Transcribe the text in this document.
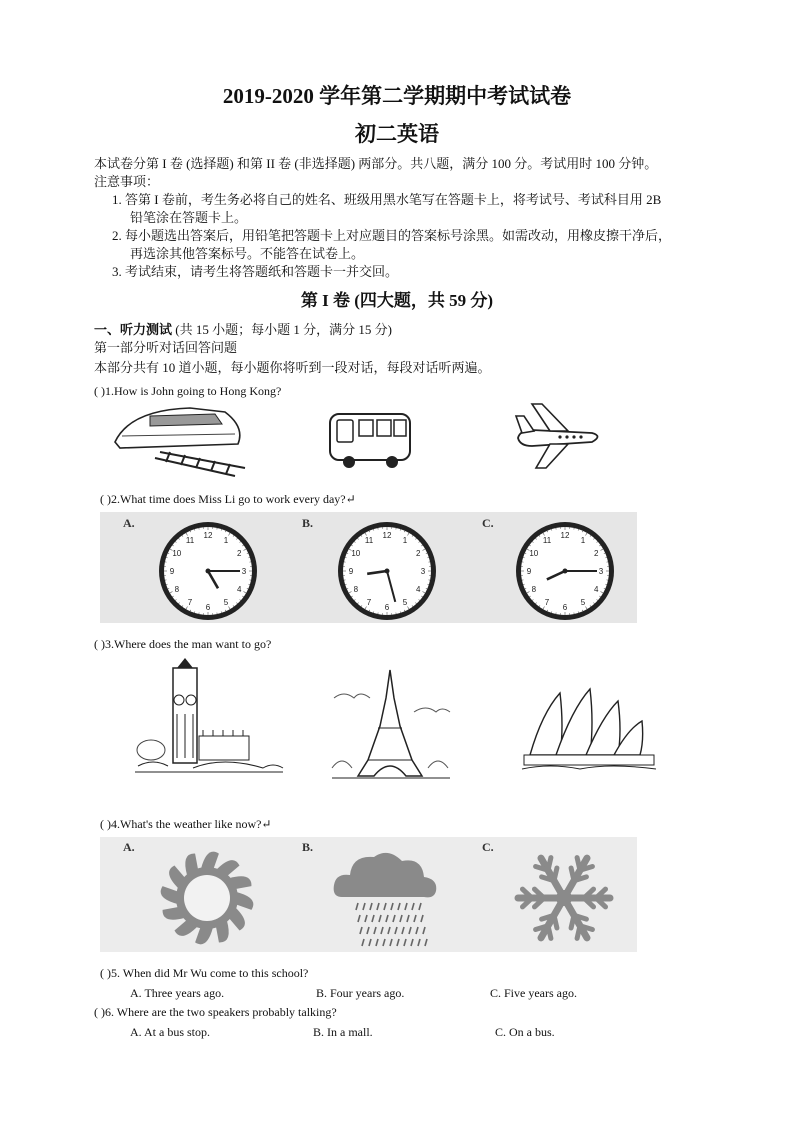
2019-2020 学年第二学期期中考试试卷
初二英语
本试卷分第 I 卷 (选择题) 和第 II 卷 (非选择题) 两部分。共八题，满分 100 分。考试用时 100 分钟。
注意事项：
1. 答第 I 卷前，考生务必将自己的姓名、班级用黑水笔写在答题卡上，将考试号、考试科目用 2B
铅笔涂在答题卡上。
2. 每小题选出答案后，用铅笔把答题卡上对应题目的答案标号涂黑。如需改动，用橡皮擦干净后，
再选涂其他答案标号。不能答在试卷上。
3. 考试结束，请考生将答题纸和答题卡一并交回。
第 I 卷 (四大题，共 59 分)
一、听力测试 (共 15 小题；每小题 1 分，满分 15 分)
第一部分听对话回答问题
本部分共有 10 道小题，每小题你将听到一段对话，每段对话听两遍。
( )1.How is John going to Hong Kong?
( )2.What time does Miss Li go to work every day?↵
A.	B.	C.
1
2
3
4
5
6
7
8
9
10
11
12
1
2
3
4
5
6
7
8
9
10
11
12
1
2
3
4
5
6
7
8
9
10
11
12
( )3.Where does the man want to go?
( )4.What's the weather like now?↵
A.	B.	C.
( )5. When did Mr Wu come to this school?
A. Three years ago.	B. Four years ago.	C. Five years ago.
( )6. Where are the two speakers probably talking?
A. At a bus stop.	B. In a mall.	C. On a bus.
